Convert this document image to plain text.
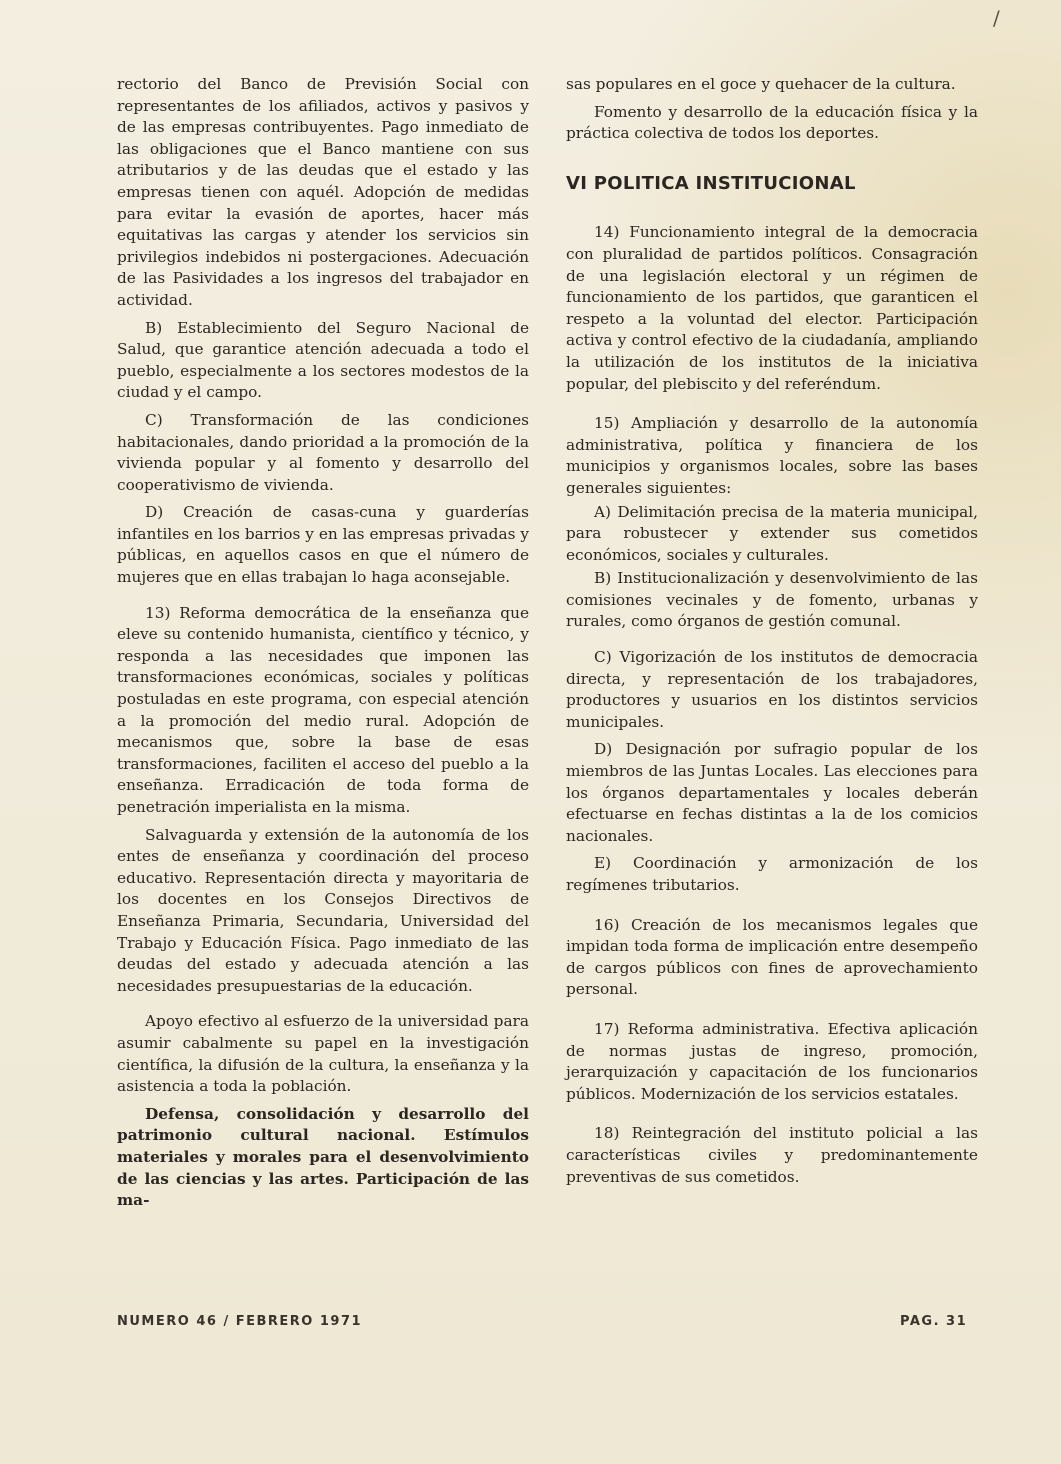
/

rectorio del Banco de Previsión Social con representantes de los afiliados, activos y pasivos y de las empresas contribuyentes. Pago inmediato de las obligaciones que el Banco mantiene con sus atributarios y de las deudas que el estado y las empresas tienen con aquél. Adopción de medidas para evitar la evasión de aportes, hacer más equitativas las cargas y atender los servicios sin privilegios indebidos ni postergaciones. Adecuación de las Pasividades a los ingresos del trabajador en actividad.

B) Establecimiento del Seguro Nacional de Salud, que garantice atención adecuada a todo el pueblo, especialmente a los sectores modestos de la ciudad y el campo.

C) Transformación de las condiciones habitacionales, dando prioridad a la promoción de la vivienda popular y al fomento y desarrollo del cooperativismo de vivienda.

D) Creación de casas-cuna y guarderías infantiles en los barrios y en las empresas privadas y públicas, en aquellos casos en que el número de mujeres que en ellas trabajan lo haga aconsejable.

13) Reforma democrática de la enseñanza que eleve su contenido humanista, científico y técnico, y responda a las necesidades que imponen las transformaciones económicas, sociales y políticas postuladas en este programa, con especial atención a la promoción del medio rural. Adopción de mecanismos que, sobre la base de esas transformaciones, faciliten el acceso del pueblo a la enseñanza. Erradicación de toda forma de penetración imperialista en la misma.

Salvaguarda y extensión de la autonomía de los entes de enseñanza y coordinación del proceso educativo. Representación directa y mayoritaria de los docentes en los Consejos Directivos de Enseñanza Primaria, Secundaria, Universidad del Trabajo y Educación Física. Pago inmediato de las deudas del estado y adecuada atención a las necesidades presupuestarias de la educación.

Apoyo efectivo al esfuerzo de la universidad para asumir cabalmente su papel en la investigación científica, la difusión de la cultura, la enseñanza y la asistencia a toda la población.

Defensa, consolidación y desarrollo del patrimonio cultural nacional. Estímulos materiales y morales para el desenvolvimiento de las ciencias y las artes. Participación de las ma-

sas populares en el goce y quehacer de la cultura.

Fomento y desarrollo de la educación física y la práctica colectiva de todos los deportes.

VI POLITICA INSTITUCIONAL

14) Funcionamiento integral de la democracia con pluralidad de partidos políticos. Consagración de una legislación electoral y un régimen de funcionamiento de los partidos, que garanticen el respeto a la voluntad del elector. Participación activa y control efectivo de la ciudadanía, ampliando la utilización de los institutos de la iniciativa popular, del plebiscito y del referéndum.

15) Ampliación y desarrollo de la autonomía administrativa, política y financiera de los municipios y organismos locales, sobre las bases generales siguientes:

A) Delimitación precisa de la materia municipal, para robustecer y extender sus cometidos económicos, sociales y culturales.

B) Institucionalización y desenvolvimiento de las comisiones vecinales y de fomento, urbanas y rurales, como órganos de gestión comunal.

C) Vigorización de los institutos de democracia directa, y representación de los trabajadores, productores y usuarios en los distintos servicios municipales.

D) Designación por sufragio popular de los miembros de las Juntas Locales. Las elecciones para los órganos departamentales y locales deberán efectuarse en fechas distintas a la de los comicios nacionales.

E) Coordinación y armonización de los regímenes tributarios.

16) Creación de los mecanismos legales que impidan toda forma de implicación entre desempeño de cargos públicos con fines de aprovechamiento personal.

17) Reforma administrativa. Efectiva aplicación de normas justas de ingreso, promoción, jerarquización y capacitación de los funcionarios públicos. Modernización de los servicios estatales.

18) Reintegración del instituto policial a las características civiles y predominantemente preventivas de sus cometidos.

NUMERO 46 / FEBRERO 1971	PAG. 31
